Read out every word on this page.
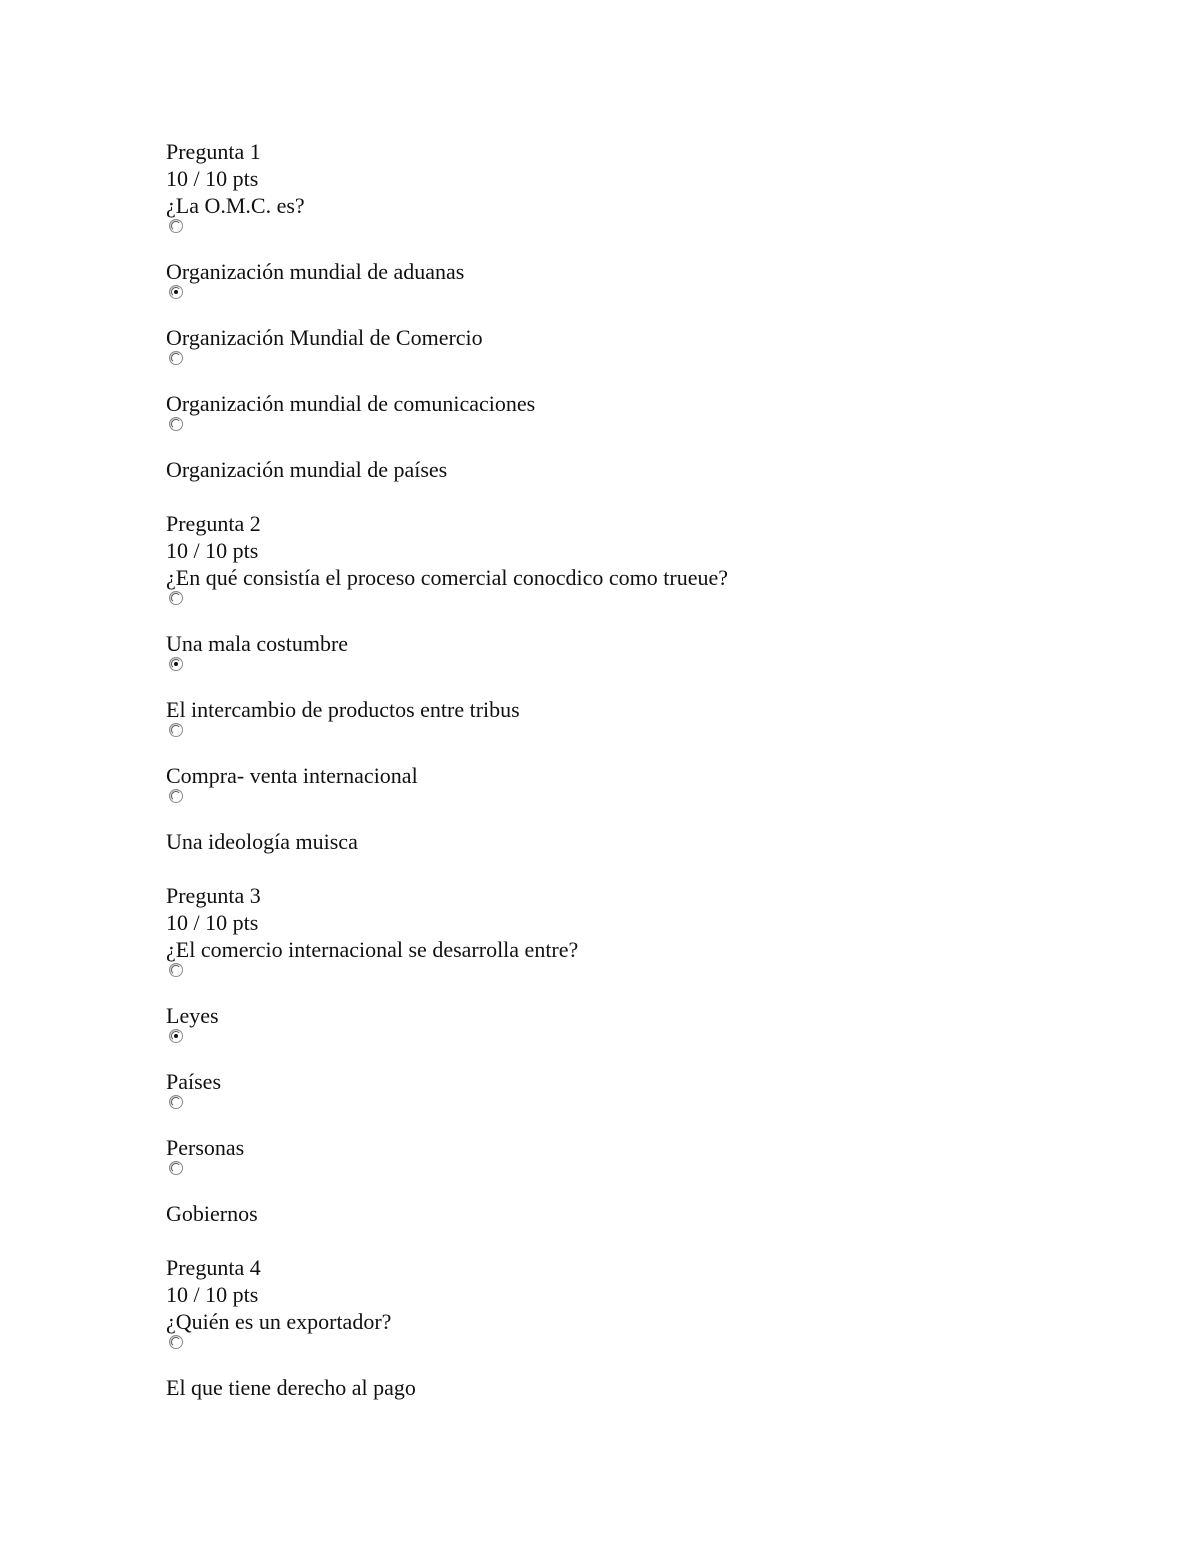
Pregunta 1
10 / 10 pts
¿La O.M.C. es?
Organización mundial de aduanas
Organización Mundial de Comercio
Organización mundial de comunicaciones
Organización mundial de países
Pregunta 2
10 / 10 pts
¿En qué consistía el proceso comercial conocdico como trueue?
Una mala costumbre
El intercambio de productos entre tribus
Compra- venta internacional
Una ideología muisca
Pregunta 3
10 / 10 pts
¿El comercio internacional se desarrolla entre?
Leyes
Países
Personas
Gobiernos
Pregunta 4
10 / 10 pts
¿Quién es un exportador?
El que tiene derecho al pago
